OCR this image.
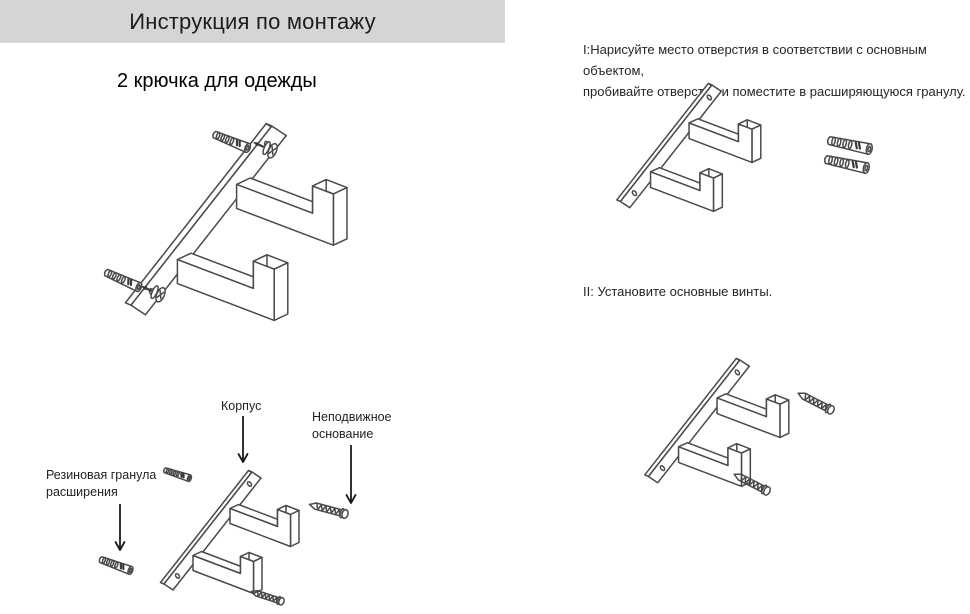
Инструкция по монтажу
2 крючка для одежды
I:Нарисуйте место отверстия в соответствии с основным объектом,
пробивайте отверстия и поместите в расширяющуюся гранулу.
II: Установите основные винты.
Корпус
Неподвижное основание
Резиновая гранула расширения
